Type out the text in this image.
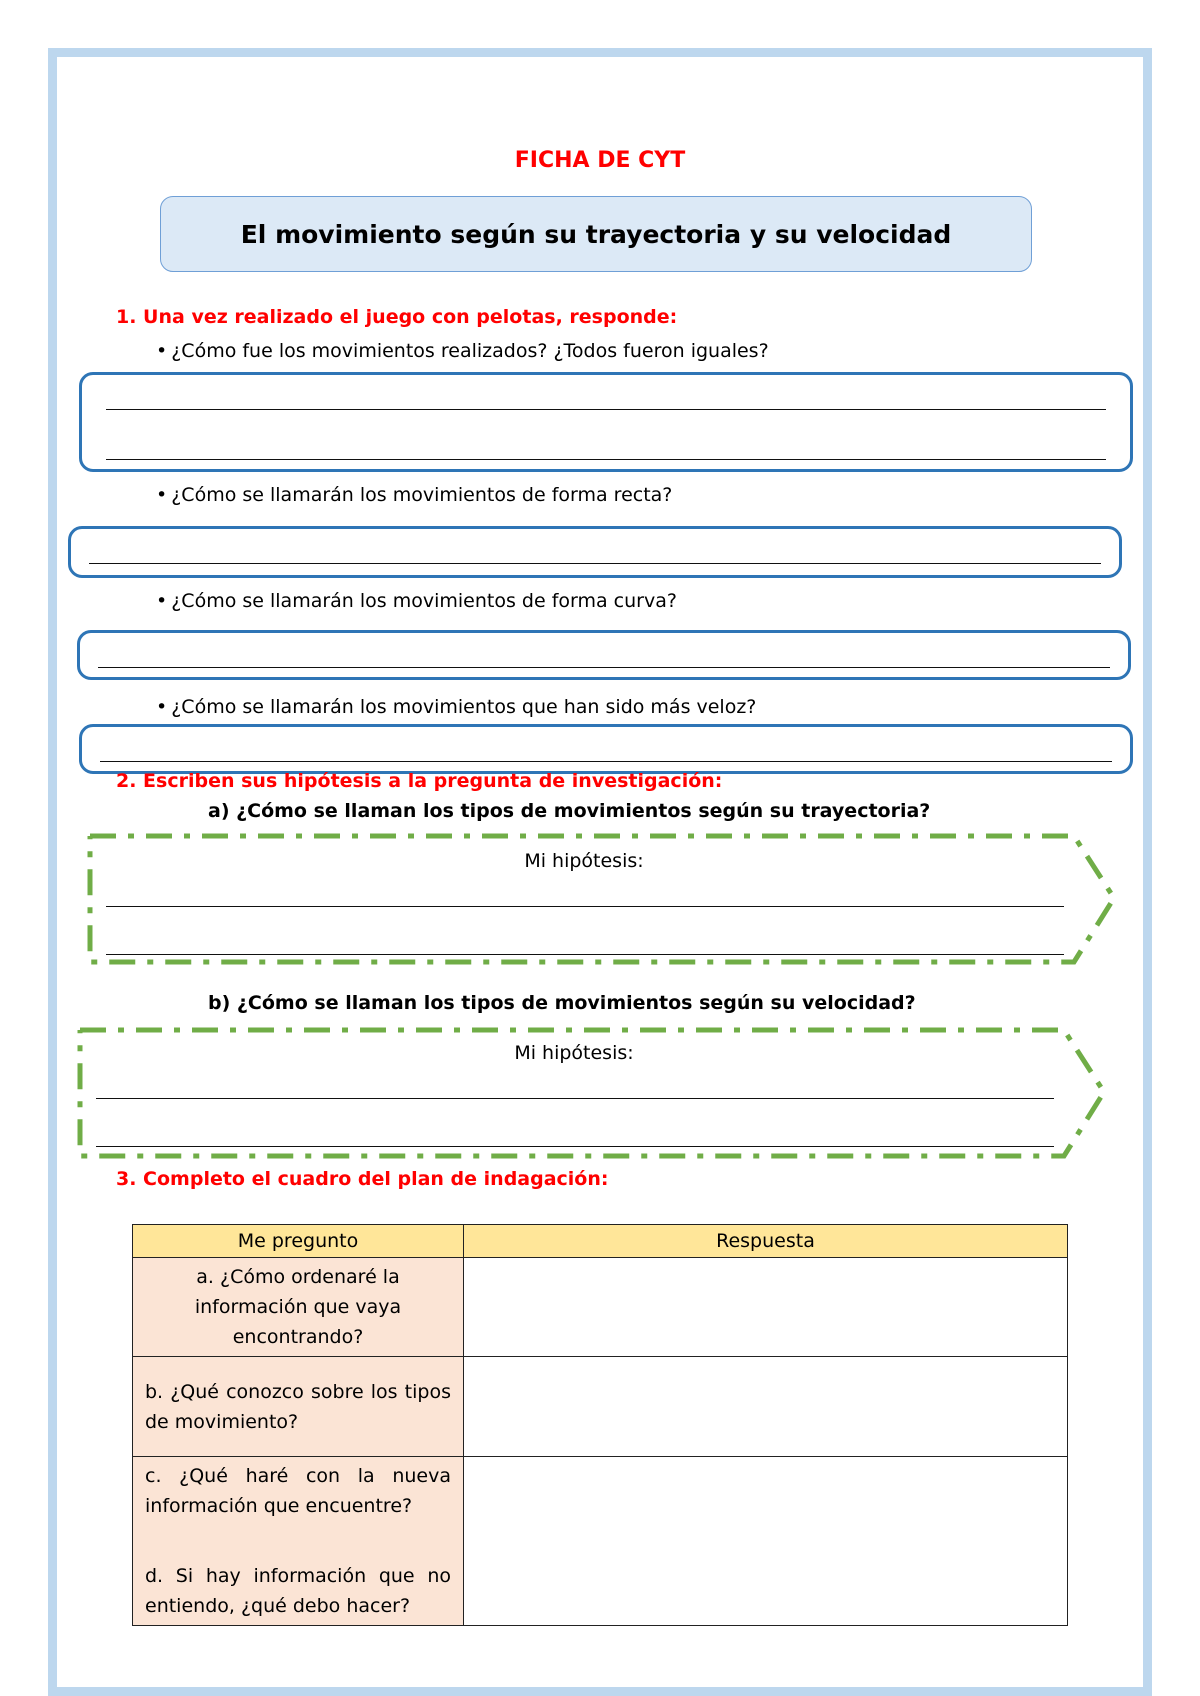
FICHA DE CYT
El movimiento según su trayectoria y su velocidad
1. Una vez realizado el juego con pelotas, responde:
• ¿Cómo fue los movimientos realizados? ¿Todos fueron iguales?
• ¿Cómo se llamarán los movimientos de forma recta?
• ¿Cómo se llamarán los movimientos de forma curva?
• ¿Cómo se llamarán los movimientos que han sido más veloz?
2. Escriben sus hipótesis a la pregunta de investigación:
a) ¿Cómo se llaman los tipos de movimientos según su trayectoria?
Mi hipótesis:
b) ¿Cómo se llaman los tipos de movimientos según su velocidad?
Mi hipótesis:
3. Completo el cuadro del plan de indagación:
Me pregunto	Respuesta
a. ¿Cómo ordenaré la información que vaya encontrando?	
b. ¿Qué conozco sobre los tipos de movimiento?	

c. ¿Qué haré con la nueva información que encuentre?
d. Si hay información que no entiendo, ¿qué debo hacer?	
